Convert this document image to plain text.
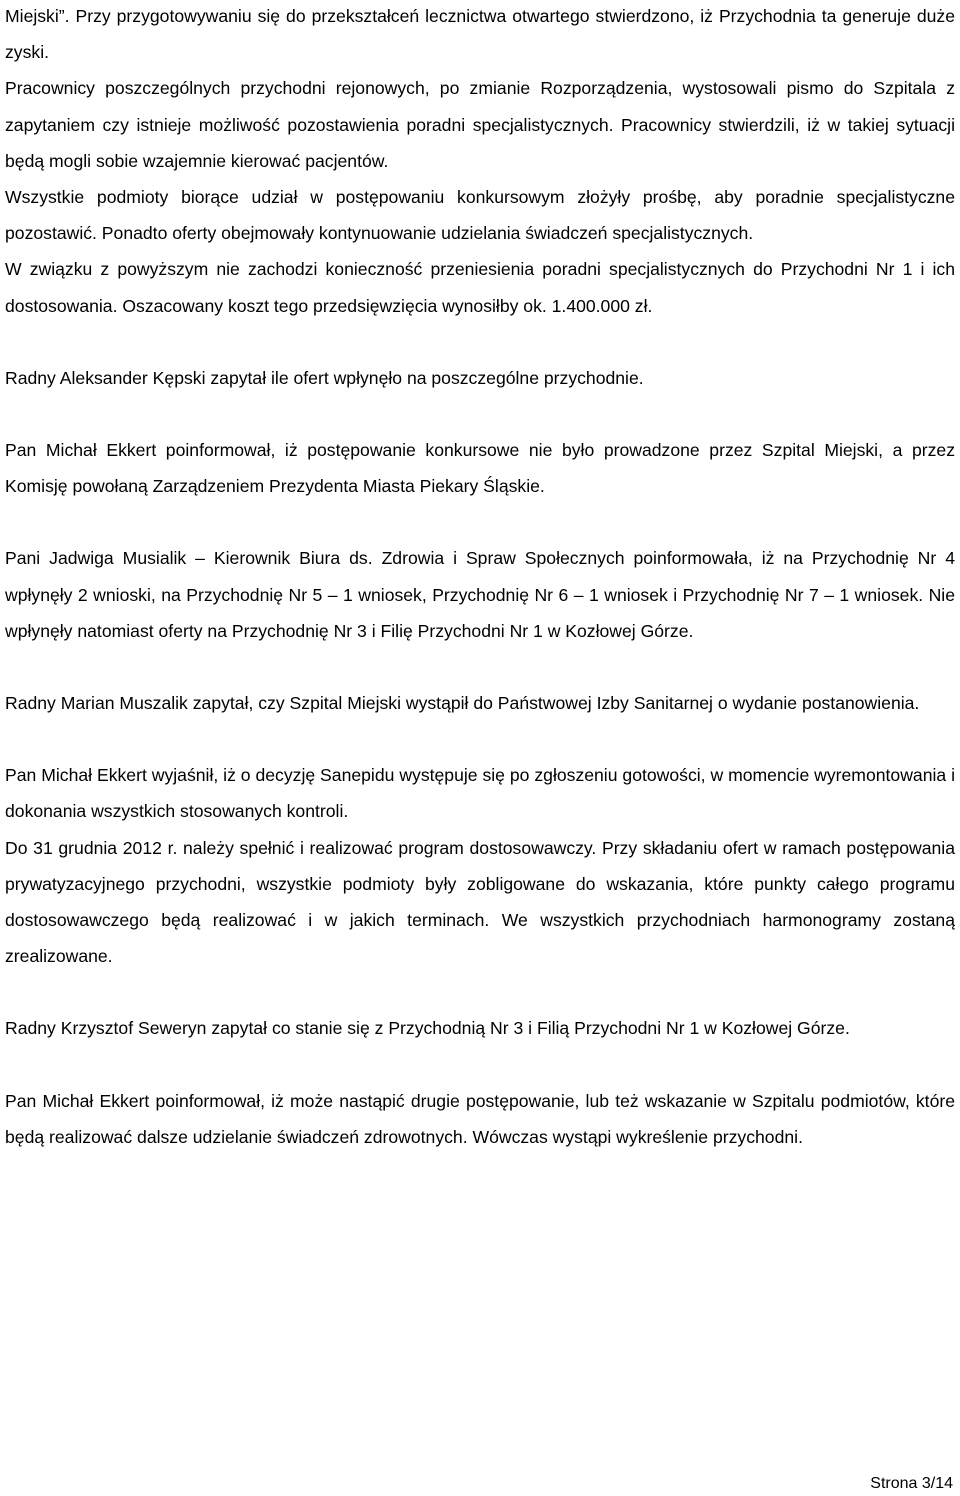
Miejski”. Przy przygotowywaniu się do przekształceń lecznictwa otwartego stwierdzono, iż Przychodnia ta generuje duże zyski.

Pracownicy poszczególnych przychodni rejonowych, po zmianie Rozporządzenia, wystosowali pismo do Szpitala z zapytaniem czy istnieje możliwość pozostawienia poradni specjalistycznych. Pracownicy stwierdzili, iż w takiej sytuacji będą mogli sobie wzajemnie kierować pacjentów.

Wszystkie podmioty biorące udział w postępowaniu konkursowym złożyły prośbę, aby poradnie specjalistyczne pozostawić. Ponadto oferty obejmowały kontynuowanie udzielania świadczeń specjalistycznych.

W związku z powyższym nie zachodzi konieczność przeniesienia poradni specjalistycznych do Przychodni Nr 1 i ich dostosowania. Oszacowany koszt tego przedsięwzięcia wynosiłby ok. 1.400.000 zł.

Radny Aleksander Kępski zapytał ile ofert wpłynęło na poszczególne przychodnie.

Pan Michał Ekkert poinformował, iż postępowanie konkursowe nie było prowadzone przez Szpital Miejski, a przez Komisję powołaną Zarządzeniem Prezydenta Miasta Piekary Śląskie.

Pani Jadwiga Musialik – Kierownik Biura ds. Zdrowia i Spraw Społecznych poinformowała, iż na Przychodnię Nr 4 wpłynęły 2 wnioski, na Przychodnię Nr 5 – 1 wniosek, Przychodnię Nr 6 – 1 wniosek i Przychodnię Nr 7 – 1 wniosek. Nie wpłynęły natomiast oferty na Przychodnię Nr 3 i Filię Przychodni Nr 1 w Kozłowej Górze.

Radny Marian Muszalik zapytał, czy Szpital Miejski wystąpił do Państwowej Izby Sanitarnej o wydanie postanowienia.

Pan Michał Ekkert wyjaśnił, iż o decyzję Sanepidu występuje się po zgłoszeniu gotowości, w momencie wyremontowania i dokonania wszystkich stosowanych kontroli.

Do 31 grudnia 2012 r. należy spełnić i realizować program dostosowawczy. Przy składaniu ofert w ramach postępowania prywatyzacyjnego przychodni, wszystkie podmioty były zobligowane do wskazania, które punkty całego programu dostosowawczego będą realizować i w jakich terminach. We wszystkich przychodniach harmonogramy zostaną zrealizowane.

Radny Krzysztof Seweryn zapytał co stanie się z Przychodnią Nr 3 i Filią Przychodni Nr 1 w Kozłowej Górze.

Pan Michał Ekkert poinformował, iż może nastąpić drugie postępowanie, lub też wskazanie w Szpitalu podmiotów, które będą realizować dalsze udzielanie świadczeń zdrowotnych. Wówczas wystąpi wykreślenie przychodni.

Strona 3/14
